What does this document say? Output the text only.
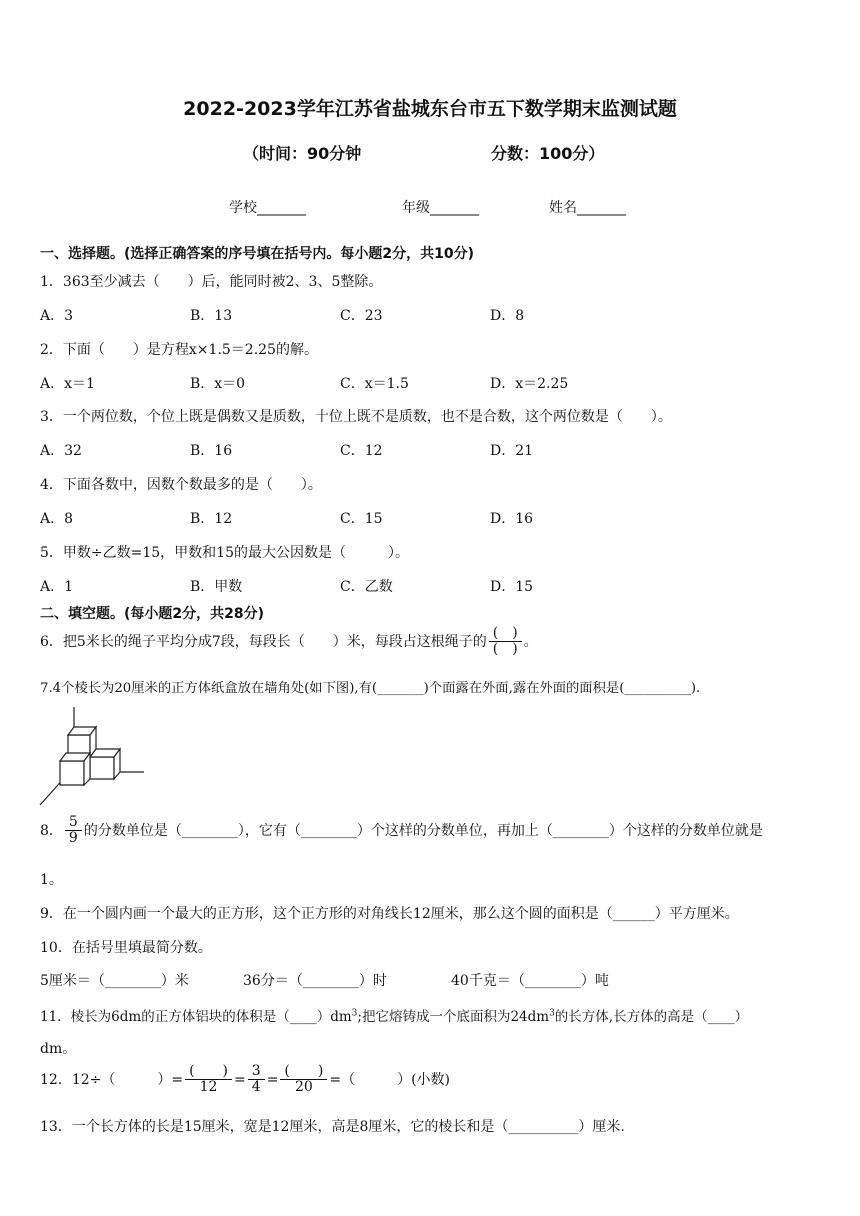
2022-2023学年江苏省盐城东台市五下数学期末监测试题
（时间：90分钟	分数：100分）
学校_______	年级_______	姓名_______
一、选择题。(选择正确答案的序号填在括号内。每小题2分，共10分)
1．363至少减去（　　）后，能同时被2、3、5整除。
A．3	B．13	C．23	D．8
2．下面（　　）是方程x×1.5＝2.25的解。
A．x＝1	B．x＝0	C．x＝1.5	D．x＝2.25
3．一个两位数，个位上既是偶数又是质数，十位上既不是质数，也不是合数，这个两位数是（　　）。
A．32	B．16	C．12	D．21
4．下面各数中，因数个数最多的是（　　）。
A．8	B．12	C．15	D．16
5．甲数÷乙数=15，甲数和15的最大公因数是（　　　）。
A．1	B．甲数	C．乙数	D．15
二、填空题。(每小题2分，共28分)
6．把5米长的绳子平均分成7段，每段长（　　）米，每段占这根绳子的 $\frac{( )}{( )}$ 。
7.4个棱长为20厘米的正方体纸盒放在墙角处(如下图),有(_______)个面露在外面,露在外面的面积是(__________).
8． $\frac{5}{9}$ 的分数单位是（________），它有（________）个这样的分数单位，再加上（________）个这样的分数单位就是
1。
9．在一个圆内画一个最大的正方形，这个正方形的对角线长12厘米，那么这个圆的面积是（______）平方厘米。
10．在括号里填最简分数。
5厘米＝（________）米	36分＝（________）时	40千克＝（________）吨
11．棱长为6dm的正方体铝块的体积是$(\_\_\_\_)dm^3$;把它熔铸成一个底面积为$24dm^3$的长方体,长方体的高是（____）
dm。
12．12÷（　　　）= $\frac{( )}{12} = \frac{3}{4} = \frac{( )}{20}$ =（　　　）(小数)
13．一个长方体的长是15厘米，宽是12厘米，高是8厘米，它的棱长和是（__________）厘米.
